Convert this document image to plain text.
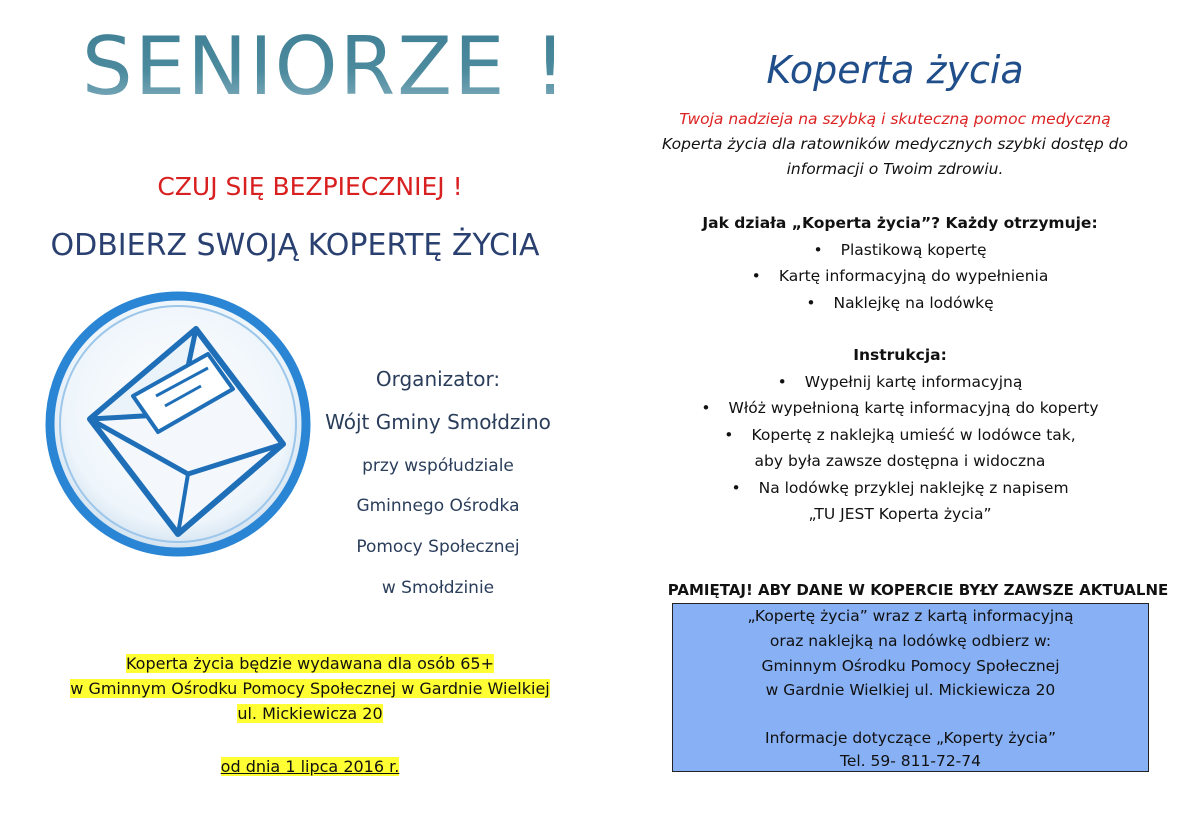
SENIORZE !
CZUJ SIĘ BEZPIECZNIEJ !
ODBIERZ SWOJĄ KOPERTĘ ŻYCIA
Organizator:
Wójt Gminy Smołdzino
przy współudziale
Gminnego Ośrodka
Pomocy Społecznej
w Smołdzinie
Koperta życia będzie wydawana dla osób 65+
w Gminnym Ośrodku Pomocy Społecznej w Gardnie Wielkiej
ul. Mickiewicza 20
od dnia 1 lipca 2016 r.
Koperta życia
Twoja nadzieja na szybką i skuteczną pomoc medyczną
Koperta życia dla ratowników medycznych szybki dostęp do
informacji o Twoim zdrowiu.
Jak działa „Koperta życia”? Każdy otrzymuje:
• Plastikową kopertę
• Kartę informacyjną do wypełnienia
• Naklejkę na lodówkę
Instrukcja:
• Wypełnij kartę informacyjną
• Włóż wypełnioną kartę informacyjną do koperty
• Kopertę z naklejką umieść w lodówce tak,
aby była zawsze dostępna i widoczna
• Na lodówkę przyklej naklejkę z napisem
„TU JEST Koperta życia”
PAMIĘTAJ! ABY DANE W KOPERCIE BYŁY ZAWSZE AKTUALNE
„Kopertę życia” wraz z kartą informacyjną
oraz naklejką na lodówkę odbierz w:
Gminnym Ośrodku Pomocy Społecznej
w Gardnie Wielkiej ul. Mickiewicza 20
Informacje dotyczące „Koperty życia”
Tel. 59- 811-72-74
